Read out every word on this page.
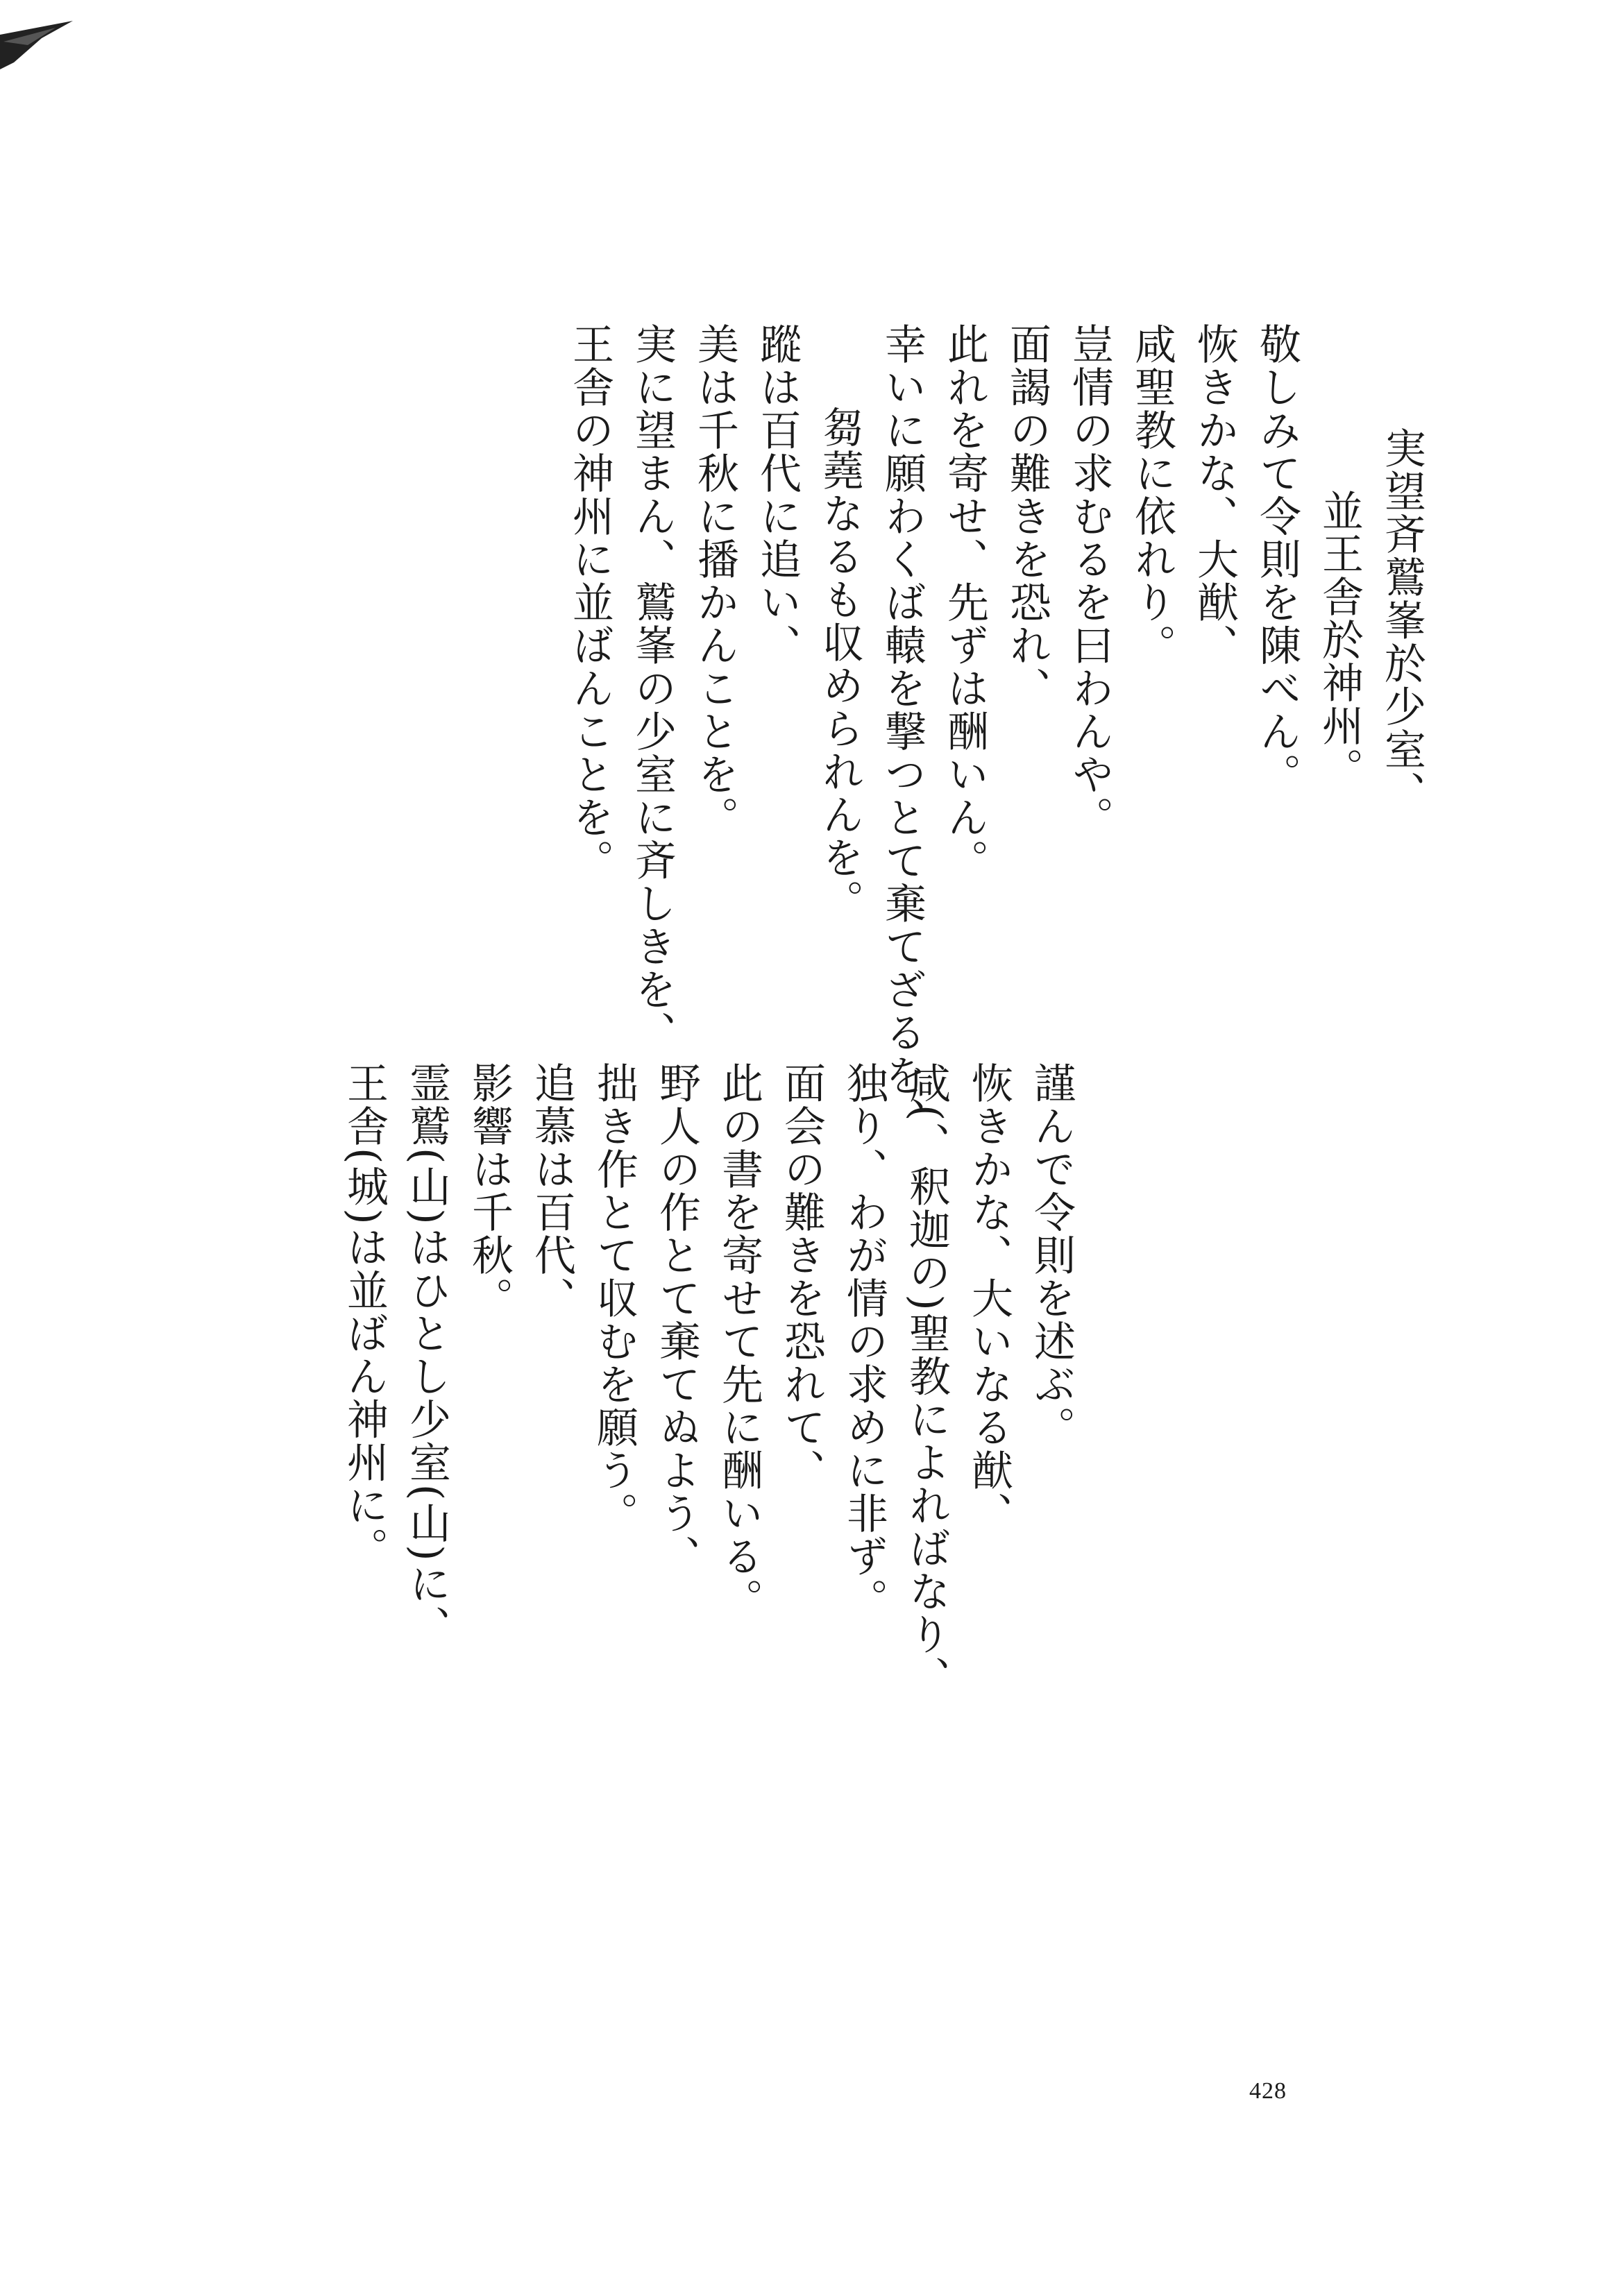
実望斉鷲峯於少室、
並王舎於神州。
敬しみて令則を陳べん。
恢きかな、大猷、
咸聖教に依れり。
豈情の求むるを曰わんや。
面謁の難きを恐れ、
此れを寄せ、先ずは酬いん。
幸いに願わくば轅を撃つとて棄てざるを、
芻蕘なるも収められんを。
蹤は百代に追い、
美は千秋に播かんことを。
実に望まん、鷲峯の少室に斉しきを、
王舎の神州に並ばんことを。
謹んで令則を述ぶ。
恢きかな、大いなる猷、
咸(、釈迦の)聖教によればなり、
独り、わが情の求めに非ず。
面会の難きを恐れて、
此の書を寄せて先に酬いる。
野人の作とて棄てぬよう、
拙き作とて収むを願う。
追慕は百代、
影響は千秋。
霊鷲(山)はひとし少室(山)に、
王舎(城)は並ばん神州に。
428
